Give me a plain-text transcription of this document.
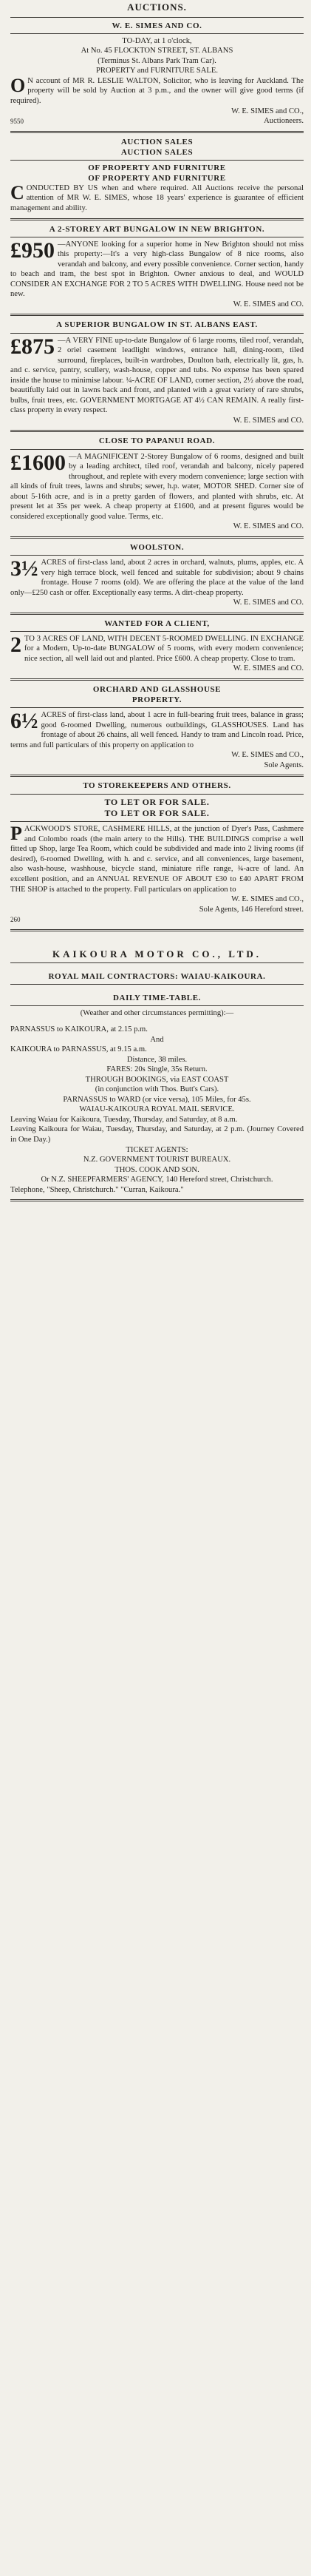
AUCTIONS.
W. E. SIMES AND CO.
TO-DAY, at 1 o'clock,
At No. 45 FLOCKTON STREET, ST. ALBANS
(Terminus St. Albans Park Tram Car).
PROPERTY and FURNITURE SALE.
O N account of MR R. LESLIE WALTON, Solicitor, who is leaving for Auckland. The property will be sold by Auction at 3 p.m., and the owner will give good terms (if required).
W. E. SIMES and CO.,
9550	Auctioneers.
AUCTION SALES
AUCTION SALES
OF PROPERTY AND FURNITURE
OF PROPERTY AND FURNITURE
C ONDUCTED BY US when and where required. All Auctions receive the personal attention of MR W. E. SIMES, whose 18 years' experience is guarantee of efficient management and ability.
A 2-STOREY ART BUNGALOW IN NEW BRIGHTON.
£950 —ANYONE looking for a superior home in New Brighton should not miss this property:—It's a very high-class Bungalow of 8 nice rooms, also verandah and balcony, and every possible convenience. Corner section, handy to beach and tram, the best spot in Brighton. Owner anxious to deal, and WOULD CONSIDER AN EXCHANGE FOR 2 TO 5 ACRES WITH DWELLING. House need not be new.
W. E. SIMES and CO.
A SUPERIOR BUNGALOW IN ST. ALBANS EAST.
£875 —A VERY FINE up-to-date Bungalow of 6 large rooms, tiled roof, verandah, 2 oriel casement leadlight windows, entrance hall, dining-room, tiled surround, fireplaces, built-in wardrobes, Doulton bath, electrically lit, gas, h. and c. service, pantry, scullery, wash-house, copper and tubs. No expense has been spared inside the house to minimise labour. ¼-ACRE OF LAND, corner section, 2½ above the road, beautifully laid out in lawns back and front, and planted with a great variety of rare shrubs, bulbs, fruit trees, etc. GOVERNMENT MORTGAGE AT 4½ CAN REMAIN. A really first-class property in every respect.
W. E. SIMES and CO.
CLOSE TO PAPANUI ROAD.
£1600 —A MAGNIFICENT 2-Storey Bungalow of 6 rooms, designed and built by a leading architect, tiled roof, verandah and balcony, nicely papered throughout, and replete with every modern convenience; large section with all kinds of fruit trees, lawns and shrubs; sewer, h.p. water, MOTOR SHED. Corner site of about 5-16th acre, and is in a pretty garden of flowers, and planted with shrubs, etc. At present let at 35s per week. A cheap property at £1600, and at present figures would be considered exceptionally good value. Terms, etc.
W. E. SIMES and CO.
WOOLSTON.
3½ ACRES of first-class land, about 2 acres in orchard, walnuts, plums, apples, etc. A very high terrace block, well fenced and suitable for subdivision; about 9 chains frontage. House 7 rooms (old). We are offering the place at the value of the land only—£250 cash or offer. Exceptionally easy terms. A dirt-cheap property.
W. E. SIMES and CO.
WANTED FOR A CLIENT,
2 TO 3 ACRES OF LAND, WITH DECENT 5-ROOMED DWELLING. IN EXCHANGE for a Modern, Up-to-date BUNGALOW of 5 rooms, with every modern convenience; nice section, all well laid out and planted. Price £600. A cheap property. Close to tram.
W. E. SIMES and CO.
ORCHARD AND GLASSHOUSE
PROPERTY.
6½ ACRES of first-class land, about 1 acre in full-bearing fruit trees, balance in grass; good 6-roomed Dwelling, numerous outbuildings, GLASSHOUSES. Land has frontage of about 26 chains, all well fenced. Handy to tram and Lincoln road. Price, terms and full particulars of this property on application to
W. E. SIMES and CO.,
Sole Agents.
TO STOREKEEPERS AND OTHERS.
TO LET OR FOR SALE.
TO LET OR FOR SALE.
P ACKWOOD'S STORE, CASHMERE HILLS, at the junction of Dyer's Pass, Cashmere and Colombo roads (the main artery to the Hills). THE BUILDINGS comprise a well fitted up Shop, large Tea Room, which could be subdivided and made into 2 living rooms (if desired), 6-roomed Dwelling, with h. and c. service, and all conveniences, large basement, also wash-house, washhouse, bicycle stand, miniature rifle range, ¾-acre of land. An excellent position, and an ANNUAL REVENUE OF ABOUT £30 to £40 APART FROM THE SHOP is attached to the property. Full particulars on application to
W. E. SIMES and CO.,
Sole Agents, 146 Hereford street.
260
KAIKOURA MOTOR CO., LTD.
ROYAL MAIL CONTRACTORS: WAIAU-KAIKOURA.
DAILY TIME-TABLE.
(Weather and other circumstances permitting):—
PARNASSUS to KAIKOURA, at 2.15 p.m.
And
KAIKOURA to PARNASSUS, at 9.15 a.m.
Distance, 38 miles.
FARES: 20s Single, 35s Return.
THROUGH BOOKINGS, via EAST COAST
(in conjunction with Thos. Butt's Cars).
PARNASSUS to WARD (or vice versa), 105 Miles, for 45s.
WAIAU-KAIKOURA ROYAL MAIL SERVICE.
Leaving Waiau for Kaikoura, Tuesday, Thursday, and Saturday, at 8 a.m.
Leaving Kaikoura for Waiau, Tuesday, Thursday, and Saturday, at 2 p.m. (Journey Covered in One Day.)
TICKET AGENTS:
N.Z. GOVERNMENT TOURIST BUREAUX.
THOS. COOK AND SON.
Or N.Z. SHEEPFARMERS' AGENCY, 140 Hereford street, Christchurch.
Telephone, "Sheep, Christchurch." "Curran, Kaikoura."
